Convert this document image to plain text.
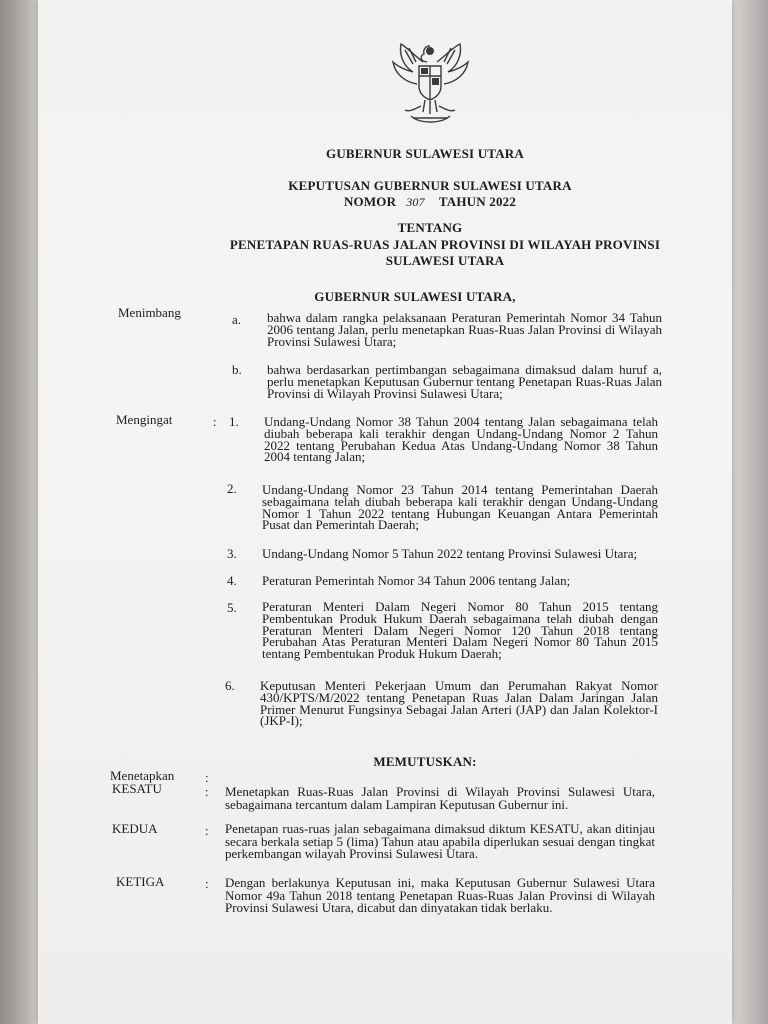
GUBERNUR SULAWESI UTARA
KEPUTUSAN GUBERNUR SULAWESI UTARA
NOMOR 307 TAHUN 2022
TENTANG
PENETAPAN RUAS-RUAS JALAN PROVINSI DI WILAYAH PROVINSI
SULAWESI UTARA
GUBERNUR SULAWESI UTARA,
Menimbang	a. bahwa dalam rangka pelaksanaan Peraturan Pemerintah Nomor 34 Tahun 2006 tentang Jalan, perlu menetapkan Ruas-Ruas Jalan Provinsi di Wilayah Provinsi Sulawesi Utara;
b. bahwa berdasarkan pertimbangan sebagaimana dimaksud dalam huruf a, perlu menetapkan Keputusan Gubernur tentang Penetapan Ruas-Ruas Jalan Provinsi di Wilayah Provinsi Sulawesi Utara;
Mengingat	: 1. Undang-Undang Nomor 38 Tahun 2004 tentang Jalan sebagaimana telah diubah beberapa kali terakhir dengan Undang-Undang Nomor 2 Tahun 2022 tentang Perubahan Kedua Atas Undang-Undang Nomor 38 Tahun 2004 tentang Jalan;
2. Undang-Undang Nomor 23 Tahun 2014 tentang Pemerintahan Daerah sebagaimana telah diubah beberapa kali terakhir dengan Undang-Undang Nomor 1 Tahun 2022 tentang Hubungan Keuangan Antara Pemerintah Pusat dan Pemerintah Daerah;
3. Undang-Undang Nomor 5 Tahun 2022 tentang Provinsi Sulawesi Utara;
4. Peraturan Pemerintah Nomor 34 Tahun 2006 tentang Jalan;
5. Peraturan Menteri Dalam Negeri Nomor 80 Tahun 2015 tentang Pembentukan Produk Hukum Daerah sebagaimana telah diubah dengan Peraturan Menteri Dalam Negeri Nomor 120 Tahun 2018 tentang Perubahan Atas Peraturan Menteri Dalam Negeri Nomor 80 Tahun 2015 tentang Pembentukan Produk Hukum Daerah;
6. Keputusan Menteri Pekerjaan Umum dan Perumahan Rakyat Nomor 430/KPTS/M/2022 tentang Penetapan Ruas Jalan Dalam Jaringan Jalan Primer Menurut Fungsinya Sebagai Jalan Arteri (JAP) dan Jalan Kolektor-I (JKP-I);
MEMUTUSKAN:
Menetapkan :
KESATU	: Menetapkan Ruas-Ruas Jalan Provinsi di Wilayah Provinsi Sulawesi Utara, sebagaimana tercantum dalam Lampiran Keputusan Gubernur ini.
KEDUA	: Penetapan ruas-ruas jalan sebagaimana dimaksud diktum KESATU, akan ditinjau secara berkala setiap 5 (lima) Tahun atau apabila diperlukan sesuai dengan tingkat perkembangan wilayah Provinsi Sulawesi Utara.
KETIGA	: Dengan berlakunya Keputusan ini, maka Keputusan Gubernur Sulawesi Utara Nomor 49a Tahun 2018 tentang Penetapan Ruas-Ruas Jalan Provinsi di Wilayah Provinsi Sulawesi Utara, dicabut dan dinyatakan tidak berlaku.
